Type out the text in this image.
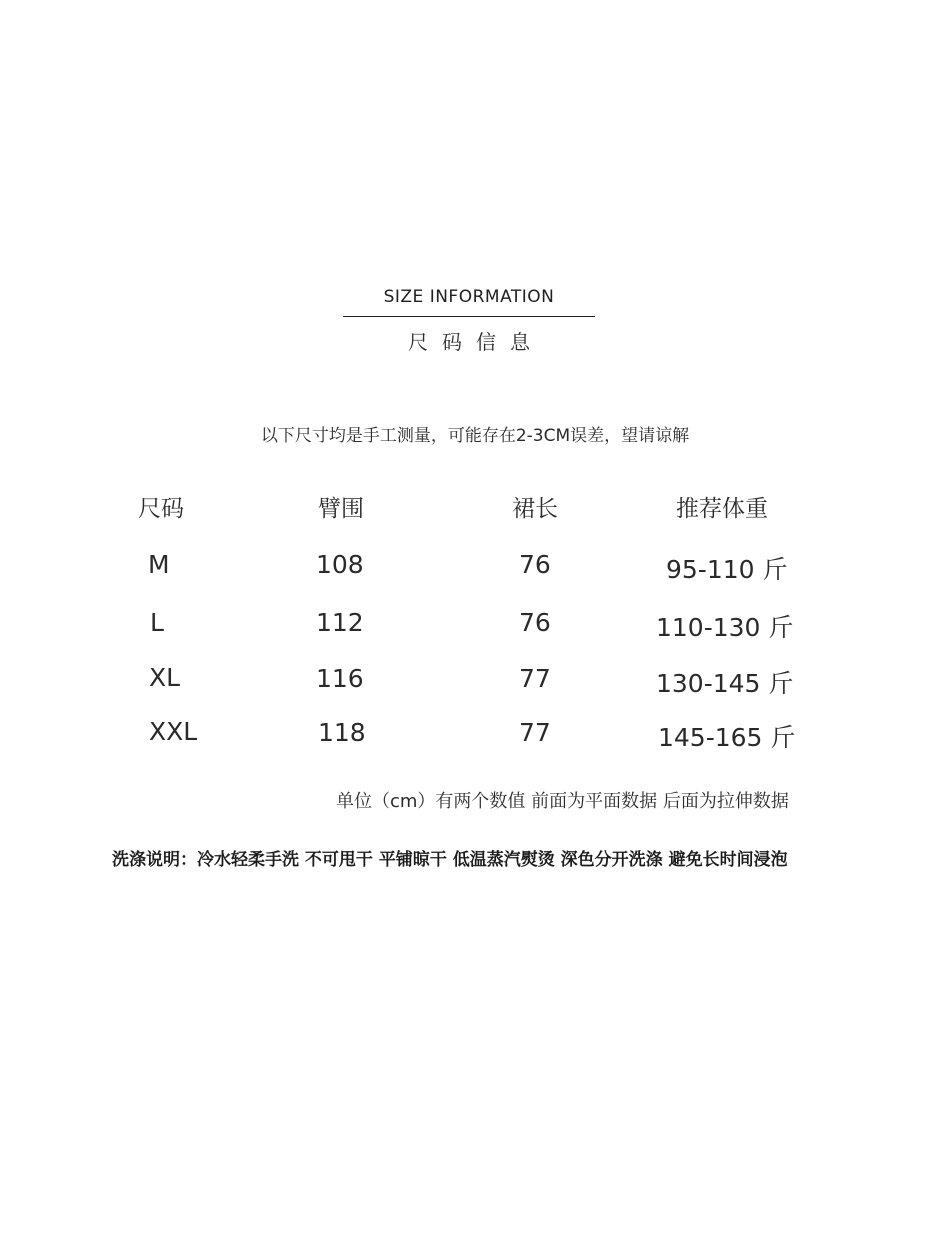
SIZE INFORMATION
尺码信息
以下尺寸均是手工测量，可能存在2-3CM误差，望请谅解
尺码	臂围	裙长	推荐体重
M	108	76	95-110 斤
L	112	76	110-130 斤
XL	116	77	130-145 斤
XXL	118	77	145-165 斤
单位（cm）有两个数值 前面为平面数据 后面为拉伸数据
洗涤说明：冷水轻柔手洗 不可甩干 平铺晾干 低温蒸汽熨烫 深色分开洗涤 避免长时间浸泡
